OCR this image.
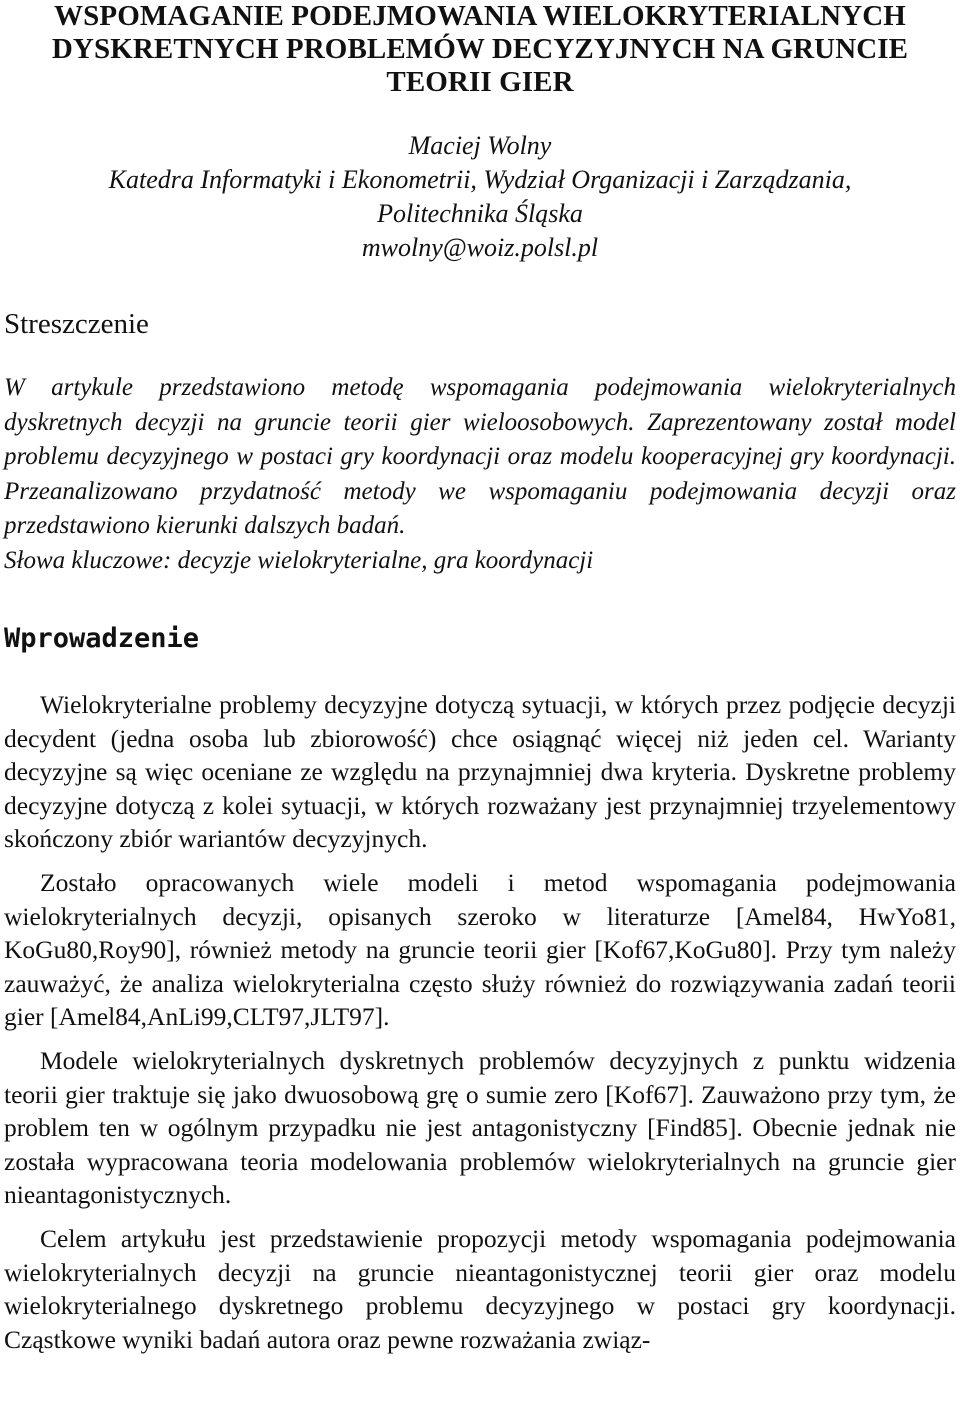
WSPOMAGANIE PODEJMOWANIA WIELOKRYTERIALNYCH
DYSKRETNYCH PROBLEMÓW DECYZYJNYCH NA GRUNCIE
TEORII GIER
Maciej Wolny
Katedra Informatyki i Ekonometrii, Wydział Organizacji i Zarządzania,
Politechnika Śląska
mwolny@woiz.polsl.pl
Streszczenie

W artykule przedstawiono metodę wspomagania podejmowania wielokryterialnych dyskretnych decyzji na gruncie teorii gier wieloosobowych. Zaprezentowany został model problemu decyzyjnego w postaci gry koordynacji oraz modelu kooperacyjnej gry koordynacji. Przeanalizowano przydatność metody we wspomaganiu podejmowania decyzji oraz przedstawiono kierunki dalszych badań.

Słowa kluczowe: decyzje wielokryterialne, gra koordynacji

Wprowadzenie

Wielokryterialne problemy decyzyjne dotyczą sytuacji, w których przez podjęcie decyzji decydent (jedna osoba lub zbiorowość) chce osiągnąć więcej niż jeden cel. Warianty decyzyjne są więc oceniane ze względu na przynajmniej dwa kryteria. Dyskretne problemy decyzyjne dotyczą z kolei sytuacji, w których rozważany jest przynajmniej trzyelementowy skończony zbiór wariantów decyzyjnych.

Zostało opracowanych wiele modeli i metod wspomagania podejmowania wielokryterialnych decyzji, opisanych szeroko w literaturze [Amel84, HwYo81, KoGu80,Roy90], również metody na gruncie teorii gier [Kof67,KoGu80]. Przy tym należy zauważyć, że analiza wielokryterialna często służy również do rozwiązywania zadań teorii gier [Amel84,AnLi99,CLT97,JLT97].

Modele wielokryterialnych dyskretnych problemów decyzyjnych z punktu widzenia teorii gier traktuje się jako dwuosobową grę o sumie zero [Kof67]. Zauważono przy tym, że problem ten w ogólnym przypadku nie jest antagonistyczny [Find85]. Obecnie jednak nie została wypracowana teoria modelowania problemów wielokryterialnych na gruncie gier nieantagonistycznych.

Celem artykułu jest przedstawienie propozycji metody wspomagania podejmowania wielokryterialnych decyzji na gruncie nieantagonistycznej teorii gier oraz modelu wielokryterialnego dyskretnego problemu decyzyjnego w postaci gry koordynacji. Cząstkowe wyniki badań autora oraz pewne rozważania związ-
